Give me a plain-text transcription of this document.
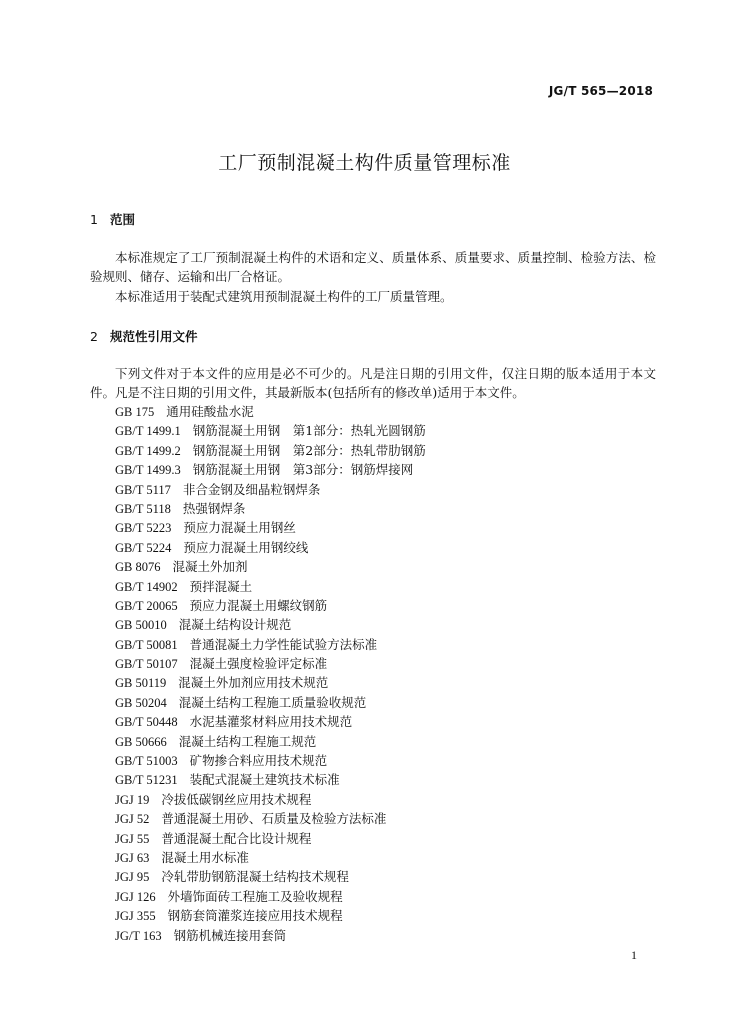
JG/T 565—2018
工厂预制混凝土构件质量管理标准
1 范围
本标准规定了工厂预制混凝土构件的术语和定义、质量体系、质量要求、质量控制、检验方法、检验规则、储存、运输和出厂合格证。
本标准适用于装配式建筑用预制混凝土构件的工厂质量管理。
2 规范性引用文件
下列文件对于本文件的应用是必不可少的。凡是注日期的引用文件，仅注日期的版本适用于本文件。凡是不注日期的引用文件，其最新版本(包括所有的修改单)适用于本文件。
GB 175 通用硅酸盐水泥
GB/T 1499.1 钢筋混凝土用钢　第1部分：热轧光圆钢筋
GB/T 1499.2 钢筋混凝土用钢　第2部分：热轧带肋钢筋
GB/T 1499.3 钢筋混凝土用钢　第3部分：钢筋焊接网
GB/T 5117 非合金钢及细晶粒钢焊条
GB/T 5118 热强钢焊条
GB/T 5223 预应力混凝土用钢丝
GB/T 5224 预应力混凝土用钢绞线
GB 8076 混凝土外加剂
GB/T 14902 预拌混凝土
GB/T 20065 预应力混凝土用螺纹钢筋
GB 50010 混凝土结构设计规范
GB/T 50081 普通混凝土力学性能试验方法标准
GB/T 50107 混凝土强度检验评定标准
GB 50119 混凝土外加剂应用技术规范
GB 50204 混凝土结构工程施工质量验收规范
GB/T 50448 水泥基灌浆材料应用技术规范
GB 50666 混凝土结构工程施工规范
GB/T 51003 矿物掺合料应用技术规范
GB/T 51231 装配式混凝土建筑技术标准
JGJ 19 冷拔低碳钢丝应用技术规程
JGJ 52 普通混凝土用砂、石质量及检验方法标准
JGJ 55 普通混凝土配合比设计规程
JGJ 63 混凝土用水标准
JGJ 95 冷轧带肋钢筋混凝土结构技术规程
JGJ 126 外墙饰面砖工程施工及验收规程
JGJ 355 钢筋套筒灌浆连接应用技术规程
JG/T 163 钢筋机械连接用套筒
1
